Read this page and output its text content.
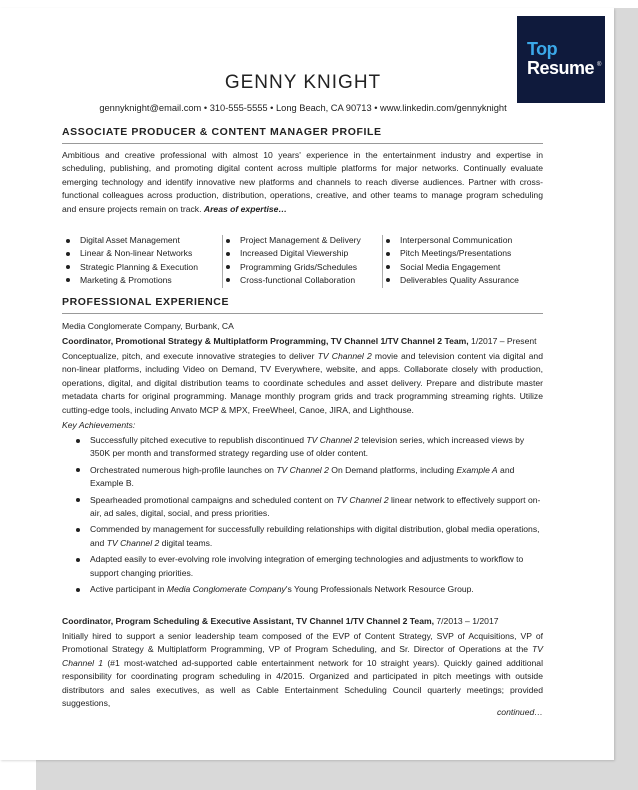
Top
Resume ®
GENNY KNIGHT
gennyknight@email.com • 310-555-5555 • Long Beach, CA 90713 • www.linkedin.com/gennyknight
ASSOCIATE PRODUCER & CONTENT MANAGER PROFILE
Ambitious and creative professional with almost 10 years' experience in the entertainment industry and expertise in scheduling, publishing, and promoting digital content across multiple platforms for major networks. Continually evaluate emerging technology and identify innovative new platforms and channels to reach diverse audiences. Partner with cross-functional colleagues across production, distribution, operations, creative, and other teams to manage program scheduling and ensure projects remain on track. Areas of expertise…
Digital Asset Management
Linear & Non-linear Networks
Strategic Planning & Execution
Marketing & Promotions
Project Management & Delivery
Increased Digital Viewership
Programming Grids/Schedules
Cross-functional Collaboration
Interpersonal Communication
Pitch Meetings/Presentations
Social Media Engagement
Deliverables Quality Assurance
PROFESSIONAL EXPERIENCE
Media Conglomerate Company, Burbank, CA
Coordinator, Promotional Strategy & Multiplatform Programming, TV Channel 1/TV Channel 2 Team, 1/2017 – Present
Conceptualize, pitch, and execute innovative strategies to deliver TV Channel 2 movie and television content via digital and non-linear platforms, including Video on Demand, TV Everywhere, website, and apps. Collaborate closely with production, operations, digital, and digital distribution teams to coordinate schedules and asset delivery. Prepare and distribute master metadata charts for original programming. Manage monthly program grids and track programming streaming rights. Utilize cutting-edge tools, including Anvato MCP & MPX, FreeWheel, Canoe, JIRA, and Lighthouse.
Key Achievements:
Successfully pitched executive to republish discontinued TV Channel 2 television series, which increased views by 350K per month and transformed strategy regarding use of older content.
Orchestrated numerous high-profile launches on TV Channel 2 On Demand platforms, including Example A and Example B.
Spearheaded promotional campaigns and scheduled content on TV Channel 2 linear network to effectively support on-air, ad sales, digital, social, and press priorities.
Commended by management for successfully rebuilding relationships with digital distribution, global media operations, and TV Channel 2 digital teams.
Adapted easily to ever-evolving role involving integration of emerging technologies and adjustments to workflow to support changing priorities.
Active participant in Media Conglomerate Company's Young Professionals Network Resource Group.
Coordinator, Program Scheduling & Executive Assistant, TV Channel 1/TV Channel 2 Team, 7/2013 – 1/2017
Initially hired to support a senior leadership team composed of the EVP of Content Strategy, SVP of Acquisitions, VP of Promotional Strategy & Multiplatform Programming, VP of Program Scheduling, and Sr. Director of Operations at the TV Channel 1 (#1 most-watched ad-supported cable entertainment network for 10 straight years). Quickly gained additional responsibility for coordinating program scheduling in 4/2015. Organized and participated in pitch meetings with outside distributors and sales executives, as well as Cable Entertainment Scheduling Council quarterly meetings; provided suggestions,
continued…
